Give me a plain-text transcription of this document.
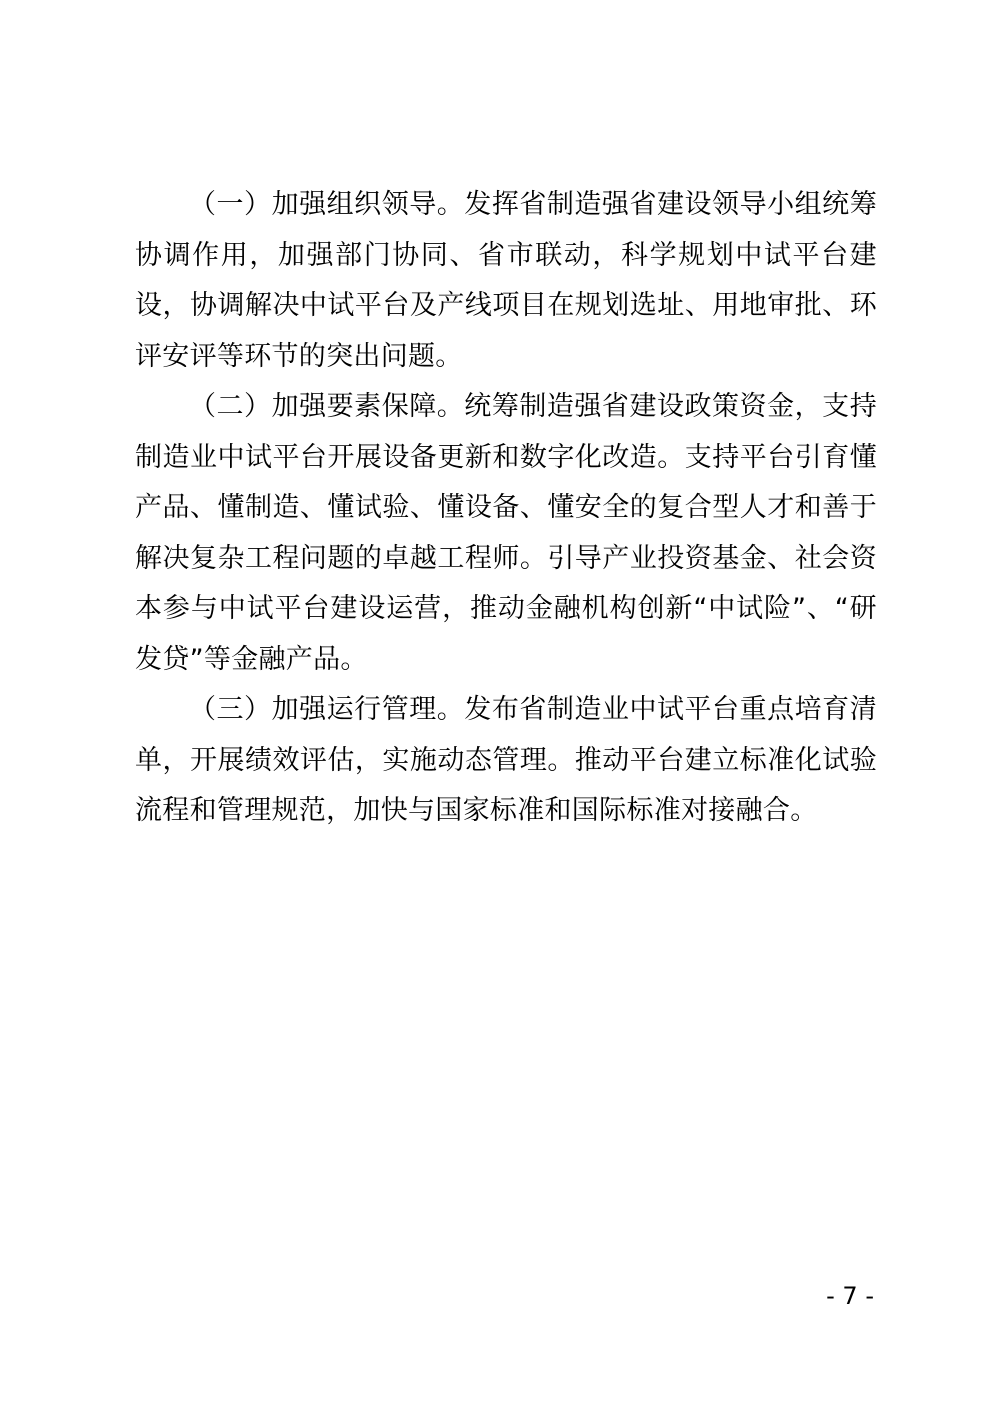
（一）加强组织领导。发挥省制造强省建设领导小组统筹协调作用，加强部门协同、省市联动，科学规划中试平台建设，协调解决中试平台及产线项目在规划选址、用地审批、环评安评等环节的突出问题。

（二）加强要素保障。统筹制造强省建设政策资金，支持制造业中试平台开展设备更新和数字化改造。支持平台引育懂产品、懂制造、懂试验、懂设备、懂安全的复合型人才和善于解决复杂工程问题的卓越工程师。引导产业投资基金、社会资本参与中试平台建设运营，推动金融机构创新“中试险”、“研发贷”等金融产品。

（三）加强运行管理。发布省制造业中试平台重点培育清单，开展绩效评估，实施动态管理。推动平台建立标准化试验流程和管理规范，加快与国家标准和国际标准对接融合。

- 7 -
